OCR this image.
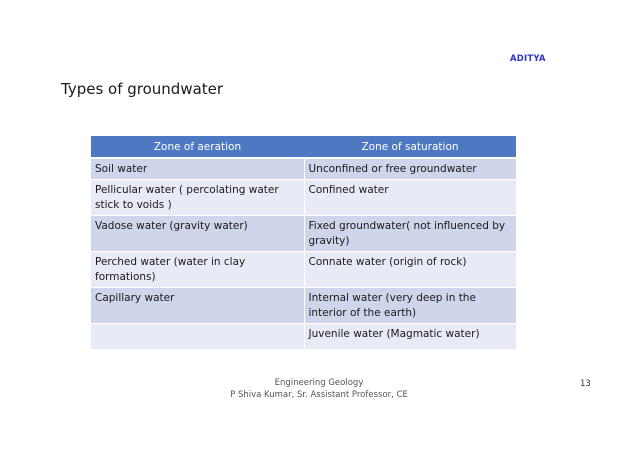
ADITYA
Types of groundwater
Zone of aeration	Zone of saturation
Soil water	Unconfined or free groundwater
Pellicular water ( percolating water stick to voids )	Confined water
Vadose water (gravity water)	Fixed groundwater( not influenced by gravity)
Perched water (water in clay formations)	Connate water (origin of rock)
Capillary water	Internal water (very deep in the interior of the earth)
	Juvenile water (Magmatic water)
Engineering Geology
P Shiva Kumar, Sr. Assistant Professor, CE
13
